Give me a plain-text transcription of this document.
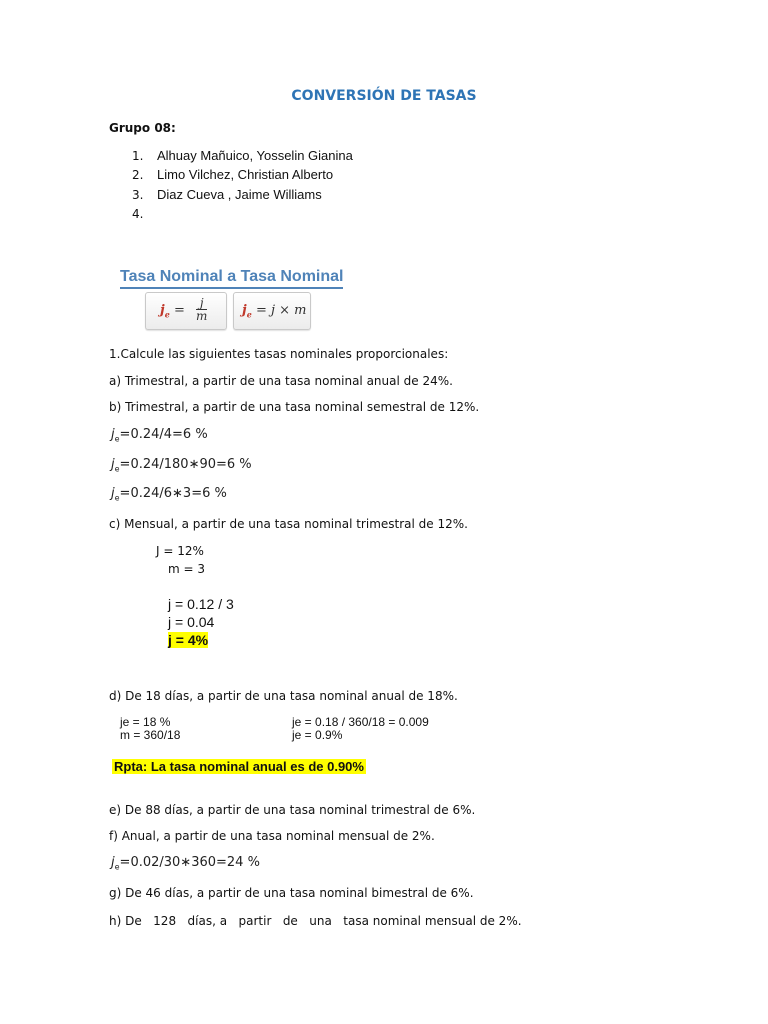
CONVERSIÓN DE TASAS
Grupo 08:
1. Alhuay Mañuico, Yosselin Gianina
2. Limo Vilchez, Christian Alberto
3. Diaz Cueva , Jaime Williams
4.
Tasa Nominal a Tasa Nominal
$j_e = \frac{j}{m}$	$j_e = j \times m$
1.Calcule las siguientes tasas nominales proporcionales:
a) Trimestral, a partir de una tasa nominal anual de 24%.
b) Trimestral, a partir de una tasa nominal semestral de 12%.
$j_e=0.24/4=6$ %
$j_e=0.24/180∗90=6$ %
$j_e=0.24/6∗3=6$ %
c) Mensual, a partir de una tasa nominal trimestral de 12%.
J = 12%
m = 3
j = 0.12 / 3
j = 0.04
j = 4%
d) De 18 días, a partir de una tasa nominal anual de 18%.
je = 18 %
m = 360/18
je = 0.18 / 360/18 = 0.009
je = 0.9%
Rpta: La tasa nominal anual es de 0.90%
e) De 88 días, a partir de una tasa nominal trimestral de 6%.
f) Anual, a partir de una tasa nominal mensual de 2%.
$j_e=0.02/30∗360=24$ %
g) De 46 días, a partir de una tasa nominal bimestral de 6%.
h) De   128   días, a   partir   de   una   tasa nominal mensual de 2%.
